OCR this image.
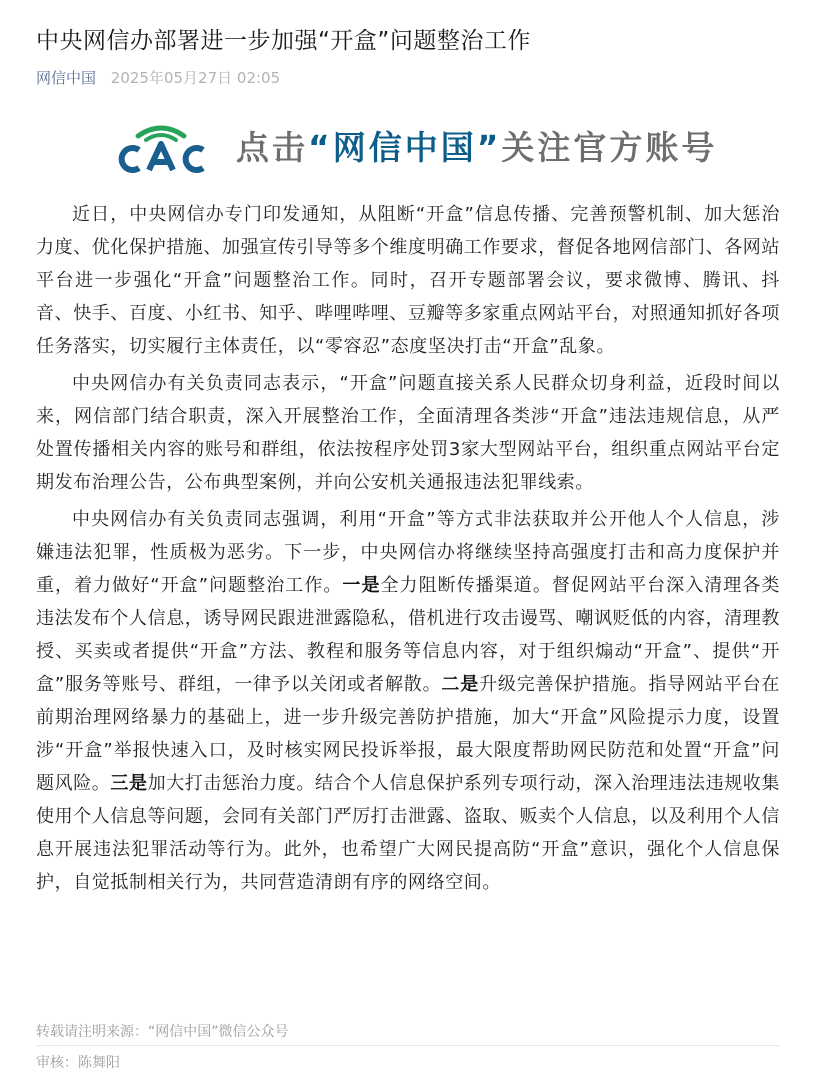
中央网信办部署进一步加强“开盒”问题整治工作
网信中国 2025年05月27日 02:05
点击“网信中国”关注官方账号

近日，中央网信办专门印发通知，从阻断“开盒”信息传播、完善预警机制、加大惩治力度、优化保护措施、加强宣传引导等多个维度明确工作要求，督促各地网信部门、各网站平台进一步强化“开盒”问题整治工作。同时，召开专题部署会议，要求微博、腾讯、抖音、快手、百度、小红书、知乎、哔哩哔哩、豆瓣等多家重点网站平台，对照通知抓好各项任务落实，切实履行主体责任，以“零容忍”态度坚决打击“开盒”乱象。

中央网信办有关负责同志表示，“开盒”问题直接关系人民群众切身利益，近段时间以来，网信部门结合职责，深入开展整治工作，全面清理各类涉“开盒”违法违规信息，从严处置传播相关内容的账号和群组，依法按程序处罚3家大型网站平台，组织重点网站平台定期发布治理公告，公布典型案例，并向公安机关通报违法犯罪线索。

中央网信办有关负责同志强调，利用“开盒”等方式非法获取并公开他人个人信息，涉嫌违法犯罪，性质极为恶劣。下一步，中央网信办将继续坚持高强度打击和高力度保护并重，着力做好“开盒”问题整治工作。一是全力阻断传播渠道。督促网站平台深入清理各类违法发布个人信息，诱导网民跟进泄露隐私，借机进行攻击谩骂、嘲讽贬低的内容，清理教授、买卖或者提供“开盒”方法、教程和服务等信息内容，对于组织煽动“开盒”、提供“开盒”服务等账号、群组，一律予以关闭或者解散。二是升级完善保护措施。指导网站平台在前期治理网络暴力的基础上，进一步升级完善防护措施，加大“开盒”风险提示力度，设置涉“开盒”举报快速入口，及时核实网民投诉举报，最大限度帮助网民防范和处置“开盒”问题风险。三是加大打击惩治力度。结合个人信息保护系列专项行动，深入治理违法违规收集使用个人信息等问题，会同有关部门严厉打击泄露、盗取、贩卖个人信息，以及利用个人信息开展违法犯罪活动等行为。此外，也希望广大网民提高防“开盒”意识，强化个人信息保护，自觉抵制相关行为，共同营造清朗有序的网络空间。

转载请注明来源：“网信中国”微信公众号
审核：陈舞阳
